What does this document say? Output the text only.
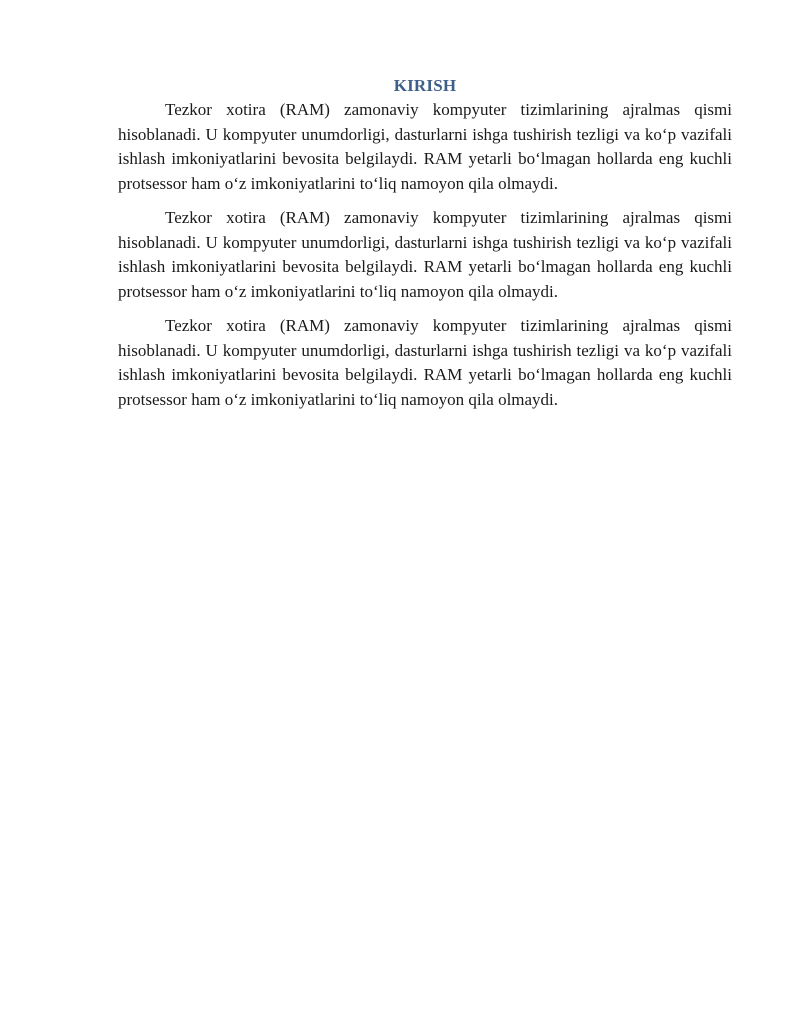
KIRISH

Tezkor xotira (RAM) zamonaviy kompyuter tizimlarining ajralmas qismi hisoblanadi. U kompyuter unumdorligi, dasturlarni ishga tushirish tezligi va ko‘p vazifali ishlash imkoniyatlarini bevosita belgilaydi. RAM yetarli bo‘lmagan hollarda eng kuchli protsessor ham o‘z imkoniyatlarini to‘liq namoyon qila olmaydi.

Tezkor xotira (RAM) zamonaviy kompyuter tizimlarining ajralmas qismi hisoblanadi. U kompyuter unumdorligi, dasturlarni ishga tushirish tezligi va ko‘p vazifali ishlash imkoniyatlarini bevosita belgilaydi. RAM yetarli bo‘lmagan hollarda eng kuchli protsessor ham o‘z imkoniyatlarini to‘liq namoyon qila olmaydi.

Tezkor xotira (RAM) zamonaviy kompyuter tizimlarining ajralmas qismi hisoblanadi. U kompyuter unumdorligi, dasturlarni ishga tushirish tezligi va ko‘p vazifali ishlash imkoniyatlarini bevosita belgilaydi. RAM yetarli bo‘lmagan hollarda eng kuchli protsessor ham o‘z imkoniyatlarini to‘liq namoyon qila olmaydi.
